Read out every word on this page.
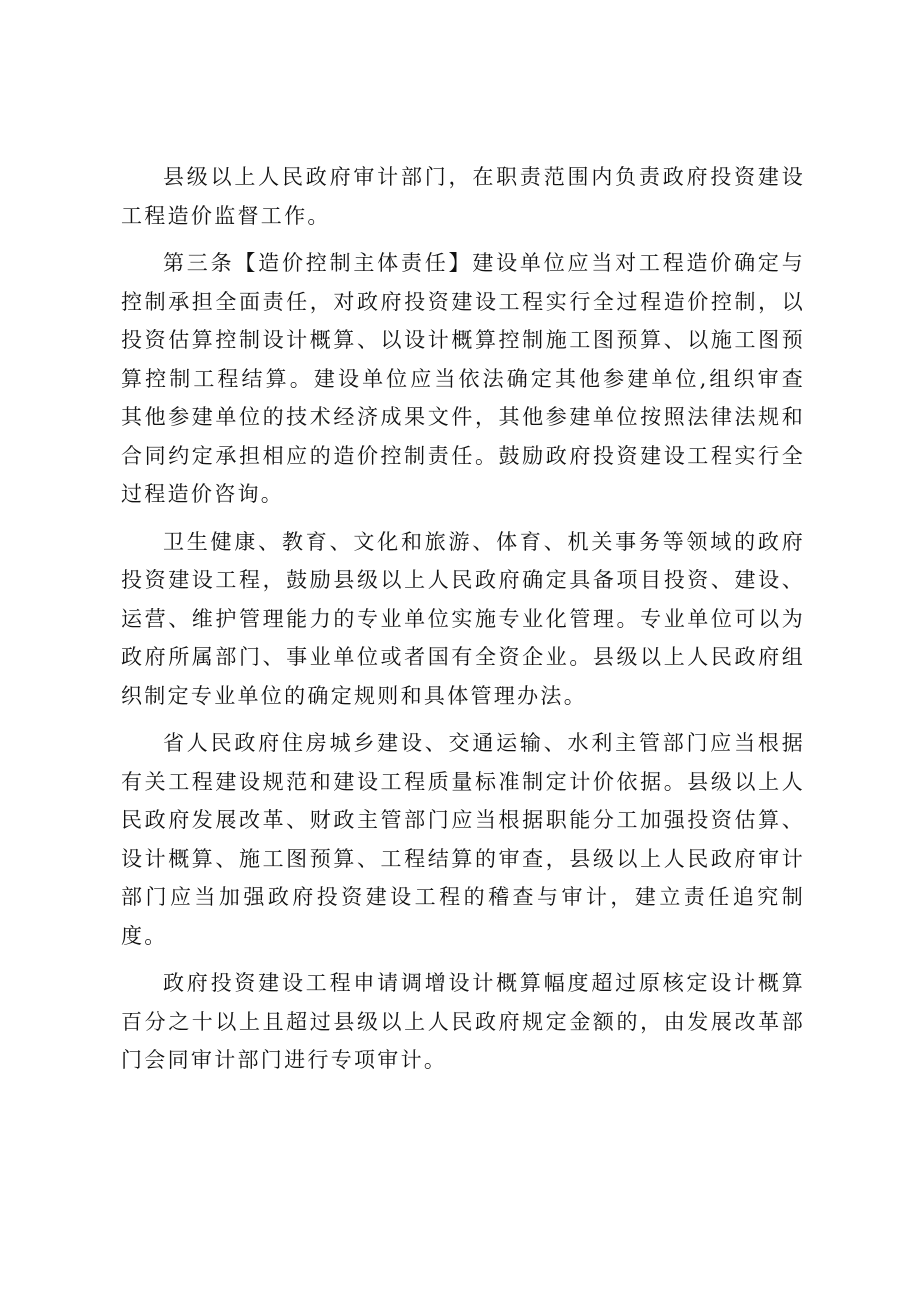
县级以上人民政府审计部门，在职责范围内负责政府投资建设工程造价监督工作。

第三条【造价控制主体责任】建设单位应当对工程造价确定与控制承担全面责任，对政府投资建设工程实行全过程造价控制，以投资估算控制设计概算、以设计概算控制施工图预算、以施工图预算控制工程结算。建设单位应当依法确定其他参建单位,组织审查其他参建单位的技术经济成果文件，其他参建单位按照法律法规和合同约定承担相应的造价控制责任。鼓励政府投资建设工程实行全过程造价咨询。

卫生健康、教育、文化和旅游、体育、机关事务等领域的政府投资建设工程，鼓励县级以上人民政府确定具备项目投资、建设、运营、维护管理能力的专业单位实施专业化管理。专业单位可以为政府所属部门、事业单位或者国有全资企业。县级以上人民政府组织制定专业单位的确定规则和具体管理办法。

省人民政府住房城乡建设、交通运输、水利主管部门应当根据有关工程建设规范和建设工程质量标准制定计价依据。县级以上人民政府发展改革、财政主管部门应当根据职能分工加强投资估算、设计概算、施工图预算、工程结算的审查，县级以上人民政府审计部门应当加强政府投资建设工程的稽查与审计，建立责任追究制度。

政府投资建设工程申请调增设计概算幅度超过原核定设计概算百分之十以上且超过县级以上人民政府规定金额的，由发展改革部门会同审计部门进行专项审计。
